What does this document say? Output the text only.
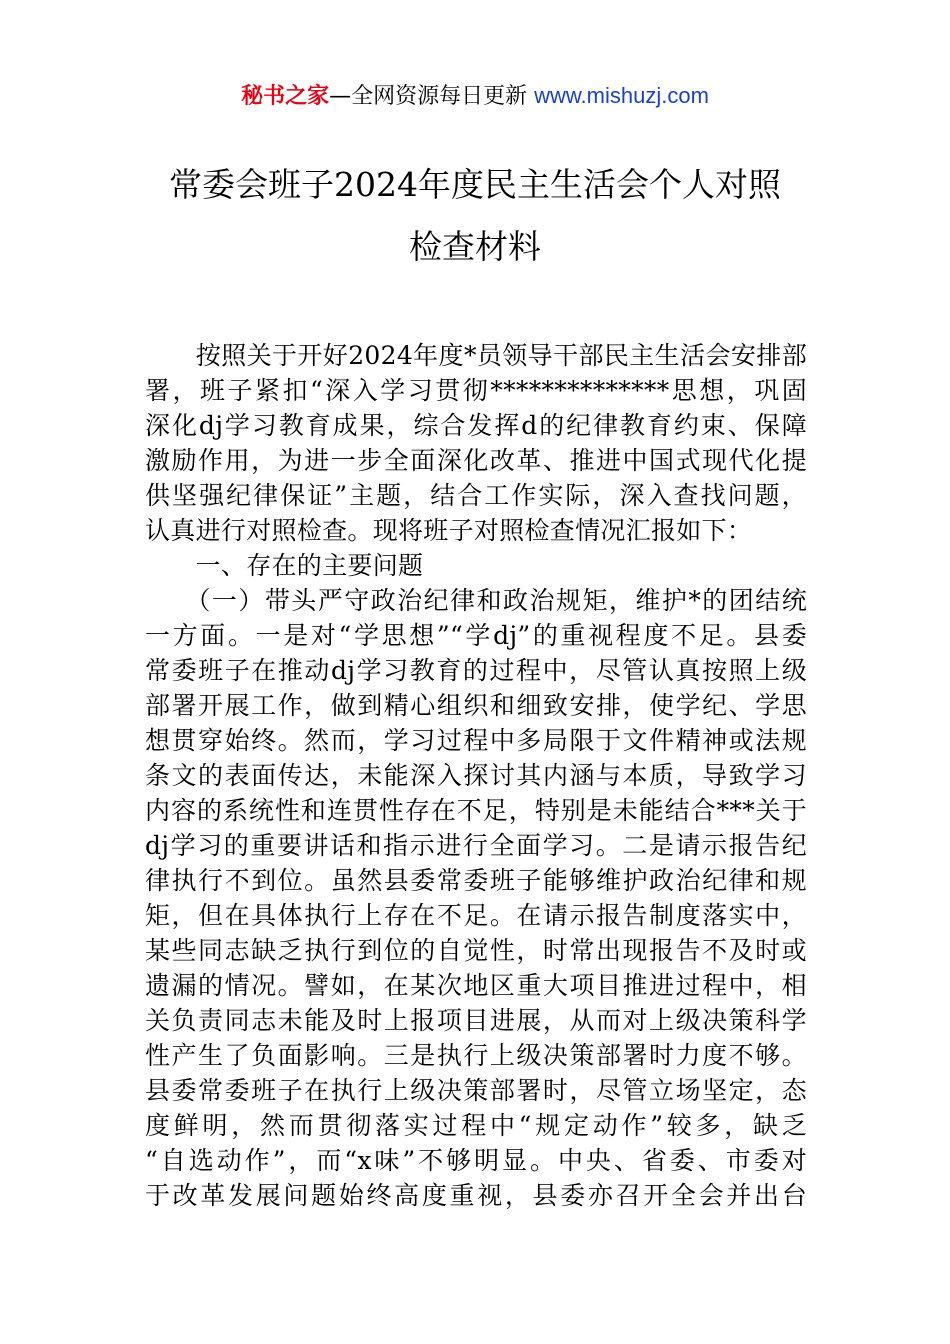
秘书之家—全网资源每日更新 www.mishuzj.com
常委会班子2024年度民主生活会个人对照
检查材料
　　按照关于开好2024年度*员领导干部民主生活会安排部
署，班子紧扣“深入学习贯彻**************思想，巩固
深化dj学习教育成果，综合发挥d的纪律教育约束、保障
激励作用，为进一步全面深化改革、推进中国式现代化提
供坚强纪律保证”主题，结合工作实际，深入查找问题，
认真进行对照检查。现将班子对照检查情况汇报如下：
　　一、存在的主要问题
　　（一）带头严守政治纪律和政治规矩，维护*的团结统
一方面。一是对“学思想”“学dj”的重视程度不足。县委
常委班子在推动dj学习教育的过程中，尽管认真按照上级
部署开展工作，做到精心组织和细致安排，使学纪、学思
想贯穿始终。然而，学习过程中多局限于文件精神或法规
条文的表面传达，未能深入探讨其内涵与本质，导致学习
内容的系统性和连贯性存在不足，特别是未能结合***关于
dj学习的重要讲话和指示进行全面学习。二是请示报告纪
律执行不到位。虽然县委常委班子能够维护政治纪律和规
矩，但在具体执行上存在不足。在请示报告制度落实中，
某些同志缺乏执行到位的自觉性，时常出现报告不及时或
遗漏的情况。譬如，在某次地区重大项目推进过程中，相
关负责同志未能及时上报项目进展，从而对上级决策科学
性产生了负面影响。三是执行上级决策部署时力度不够。
县委常委班子在执行上级决策部署时，尽管立场坚定，态
度鲜明，然而贯彻落实过程中“规定动作”较多，缺乏
“自选动作”，而“x味”不够明显。中央、省委、市委对
于改革发展问题始终高度重视，县委亦召开全会并出台
